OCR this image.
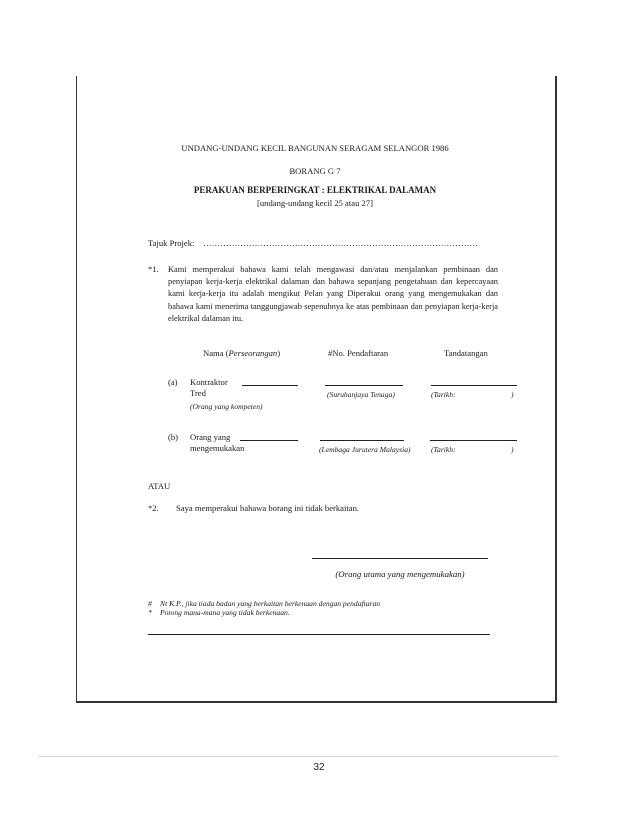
UNDANG-UNDANG KECIL BANGUNAN SERAGAM SELANGOR 1986
BORANG G 7
PERAKUAN BERPERINGKAT : ELEKTRIKAL DALAMAN
[undang-undang kecil 25 atau 27]
Tajuk Projek: ……………………………………………………………………………………
*1. Kami memperakui bahawa kami telah mengawasi dan/atau menjalankan pembinaan dan penyiapan kerja-kerja elektrikal dalaman dan bahawa sepanjang pengetahuan dan kepercayaan kami kerja-kerja itu adalah mengikut Pelan yang Diperakui orang yang mengemukakan dan bahawa kami menerima tanggungjawab sepenuhnya ke atas pembinaan dan penyiapan kerja-kerja elektrikal dalaman itu.
Nama (Perseorangan)	#No. Pendaftaran	Tandatangan
(a) Kontraktor
Tred	(Suruhanjaya Tenaga)	(Tarikh:	)
(Orang yang kompeten)
(b) Orang yang
mengemukakan	(Lembaga Jurutera Malaysia)	(Tarikh:	)
ATAU
*2. Saya memperakui bahawa borang ini tidak berkaitan.
(Orang utama yang mengemukakan)
# Nt K.P., jika tiada badan yang berkaitan berkenaan dengan pendaftaran
* Potong mana-mana yang tidak berkenaan.
32
